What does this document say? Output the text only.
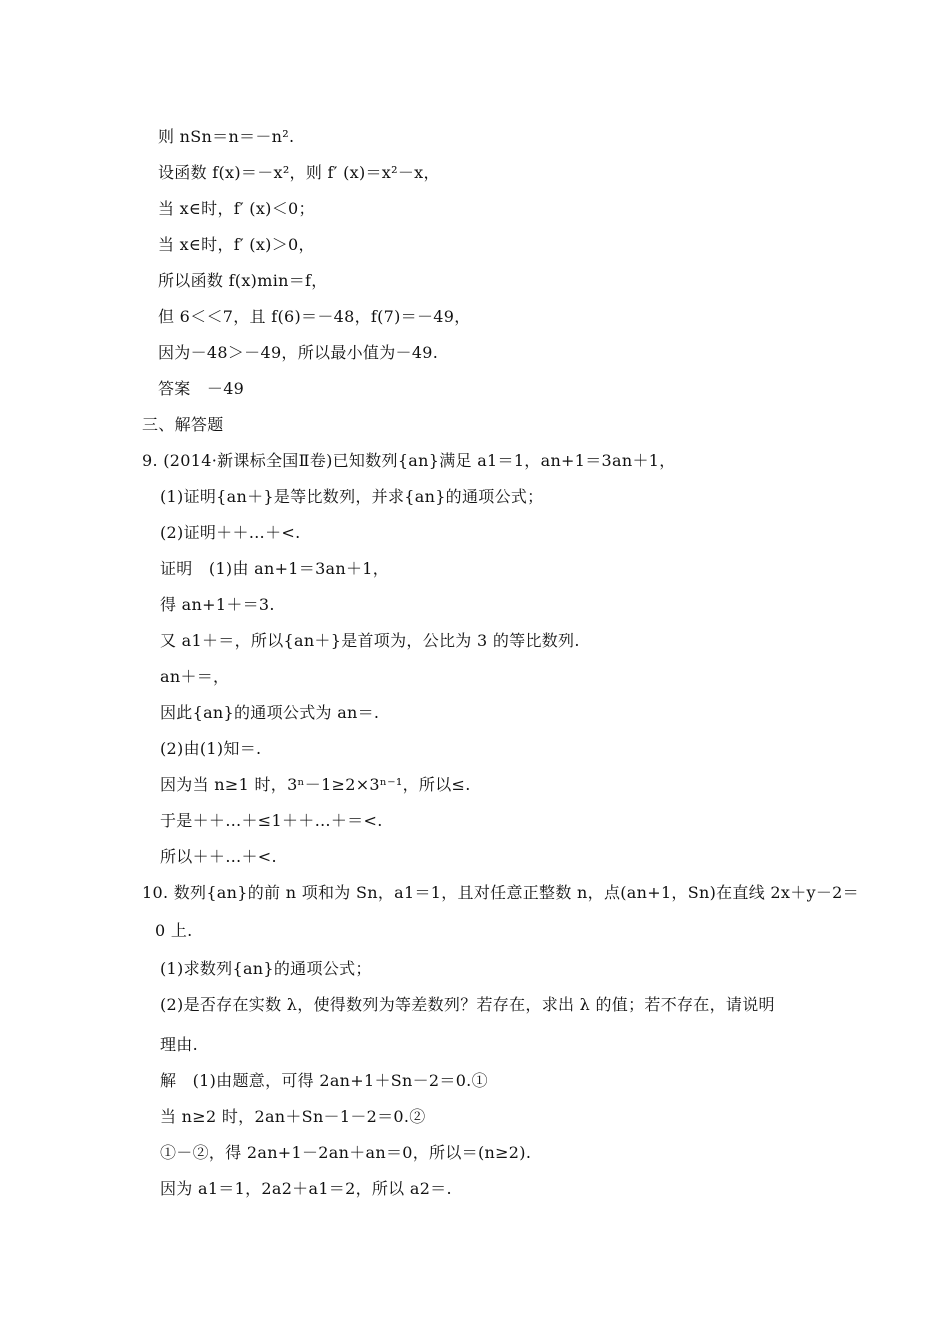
则 nSn＝n＝－n².
设函数 f(x)＝－x²，则 f′ (x)＝x²－x，
当 x∈时，f′ (x)＜0；
当 x∈时，f′ (x)＞0，
所以函数 f(x)min＝f，
但 6＜＜7，且 f(6)＝－48，f(7)＝－49，
因为－48＞－49，所以最小值为－49.
答案　－49
三、解答题
9. (2014·新课标全国Ⅱ卷)已知数列{an}满足 a1＝1，an+1＝3an＋1，
(1)证明{an＋}是等比数列，并求{an}的通项公式；
(2)证明＋＋…＋<.
证明　(1)由 an+1＝3an＋1，
得 an+1＋＝3.
又 a1＋＝，所以{an＋}是首项为，公比为 3 的等比数列.
an＋＝，
因此{an}的通项公式为 an＝.
(2)由(1)知＝.
因为当 n≥1 时，3ⁿ－1≥2×3ⁿ⁻¹，所以≤.
于是＋＋…＋≤1＋＋…＋＝<.
所以＋＋…＋<.
10. 数列{an}的前 n 项和为 Sn，a1＝1，且对任意正整数 n，点(an+1，Sn)在直线 2x＋y－2＝
0 上.
(1)求数列{an}的通项公式；
(2)是否存在实数 λ，使得数列为等差数列？若存在，求出 λ 的值；若不存在，请说明
理由.
解　(1)由题意，可得 2an+1＋Sn－2＝0.①
当 n≥2 时，2an＋Sn－1－2＝0.②
①－②，得 2an+1－2an＋an＝0，所以＝(n≥2).
因为 a1＝1，2a2＋a1＝2，所以 a2＝.
